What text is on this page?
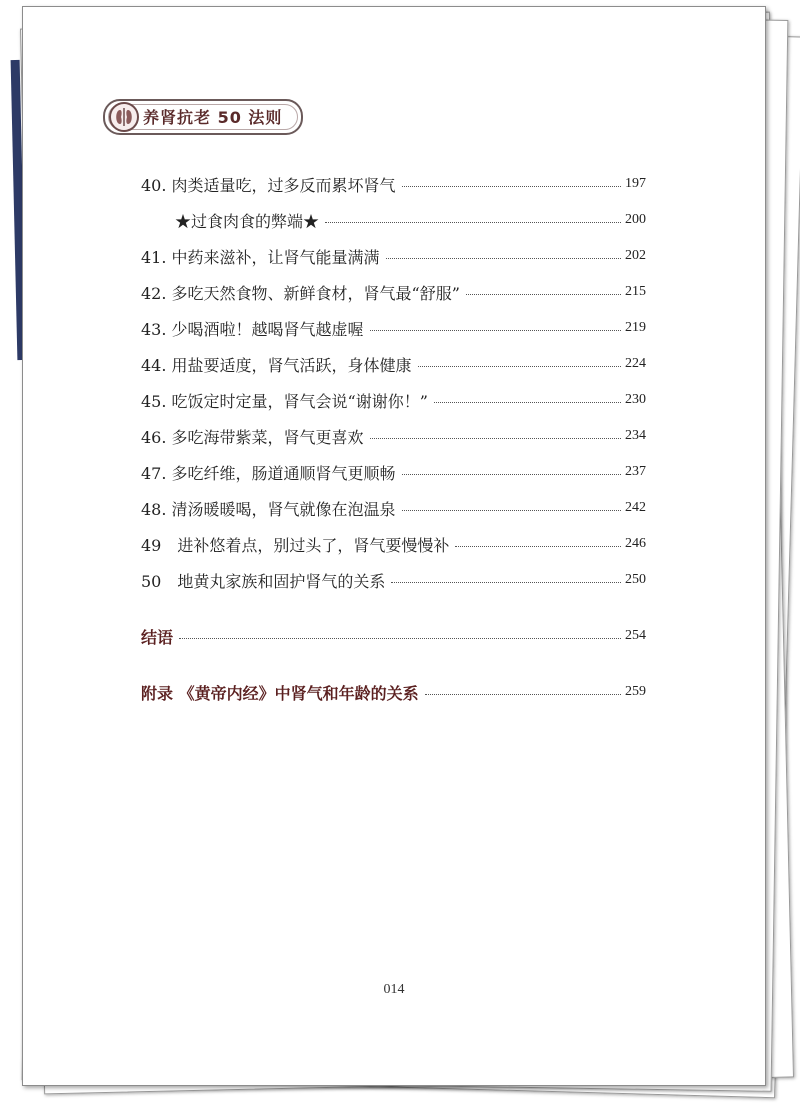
养肾抗老 50 法则
40. 肉类适量吃，过多反而累坏肾气	197
★过食肉食的弊端★	200
41. 中药来滋补，让肾气能量满满	202
42. 多吃天然食物、新鲜食材，肾气最“舒服”	215
43. 少喝酒啦！越喝肾气越虚喔	219
44. 用盐要适度，肾气活跃，身体健康	224
45. 吃饭定时定量，肾气会说“谢谢你！”	230
46. 多吃海带紫菜，肾气更喜欢	234
47. 多吃纤维，肠道通顺肾气更顺畅	237
48. 清汤暖暖喝，肾气就像在泡温泉	242
49　进补悠着点，别过头了，肾气要慢慢补	246
50　地黄丸家族和固护肾气的关系	250
结语	254
附录 《黄帝内经》中肾气和年龄的关系	259
014
